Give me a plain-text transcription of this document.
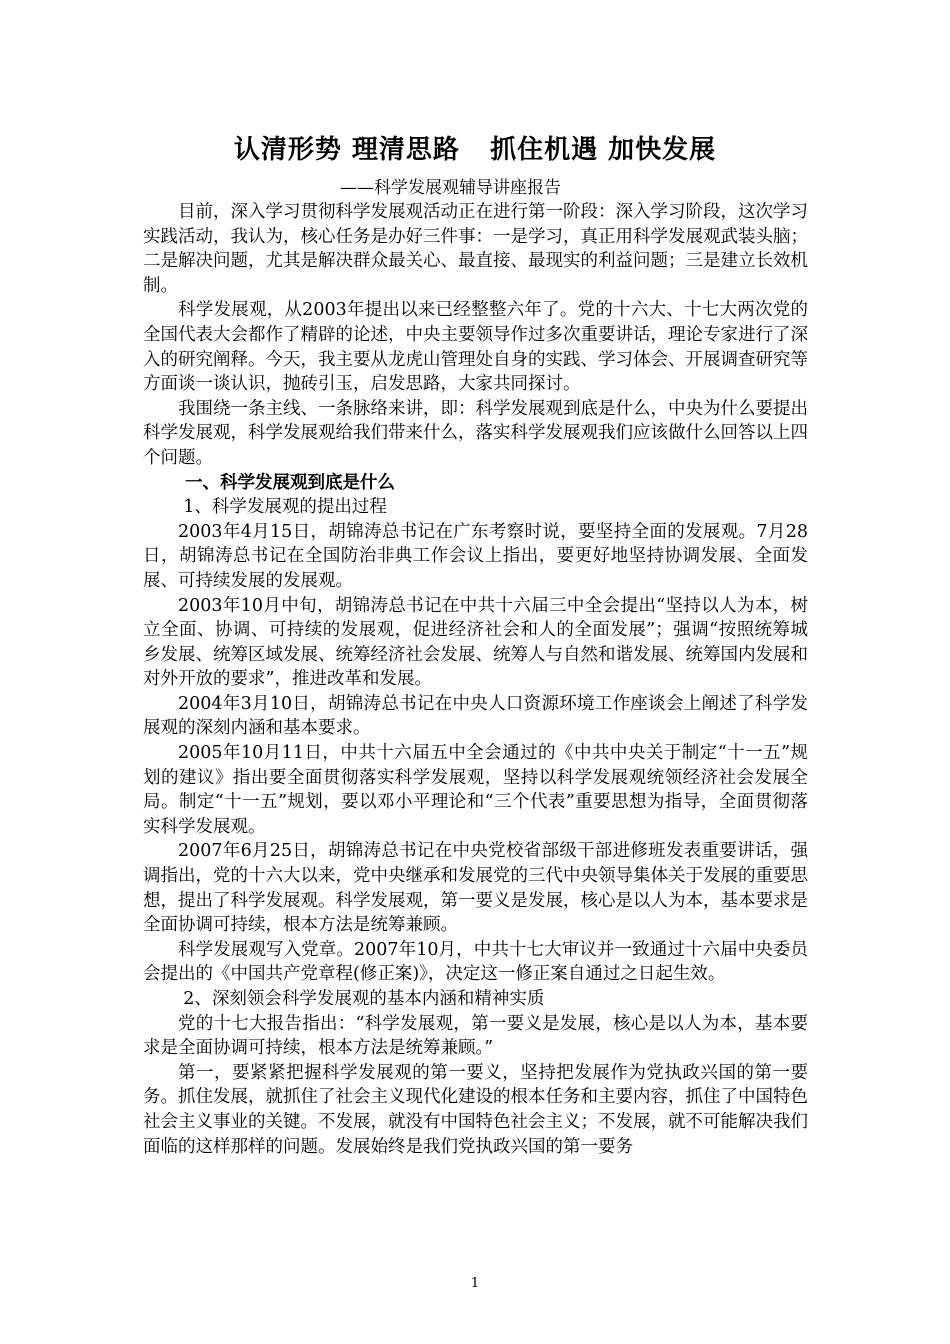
认清形势 理清思路   抓住机遇 加快发展
——科学发展观辅导讲座报告

目前，深入学习贯彻科学发展观活动正在进行第一阶段：深入学习阶段，这次学习实践活动，我认为，核心任务是办好三件事：一是学习，真正用科学发展观武装头脑；二是解决问题，尤其是解决群众最关心、最直接、最现实的利益问题；三是建立长效机制。

科学发展观，从2003年提出以来已经整整六年了。党的十六大、十七大两次党的全国代表大会都作了精辟的论述，中央主要领导作过多次重要讲话，理论专家进行了深入的研究阐释。今天，我主要从龙虎山管理处自身的实践、学习体会、开展调查研究等方面谈一谈认识，抛砖引玉，启发思路，大家共同探讨。

我围绕一条主线、一条脉络来讲，即：科学发展观到底是什么，中央为什么要提出科学发展观，科学发展观给我们带来什么，落实科学发展观我们应该做什么回答以上四个问题。

一、科学发展观到底是什么

1、科学发展观的提出过程

2003年4月15日，胡锦涛总书记在广东考察时说，要坚持全面的发展观。7月28日，胡锦涛总书记在全国防治非典工作会议上指出，要更好地坚持协调发展、全面发展、可持续发展的发展观。

2003年10月中旬，胡锦涛总书记在中共十六届三中全会提出“坚持以人为本，树立全面、协调、可持续的发展观，促进经济社会和人的全面发展”；强调“按照统筹城乡发展、统筹区域发展、统筹经济社会发展、统筹人与自然和谐发展、统筹国内发展和对外开放的要求”，推进改革和发展。

2004年3月10日，胡锦涛总书记在中央人口资源环境工作座谈会上阐述了科学发展观的深刻内涵和基本要求。

2005年10月11日，中共十六届五中全会通过的《中共中央关于制定“十一五”规划的建议》指出要全面贯彻落实科学发展观，坚持以科学发展观统领经济社会发展全局。制定“十一五”规划，要以邓小平理论和“三个代表”重要思想为指导，全面贯彻落实科学发展观。

2007年6月25日，胡锦涛总书记在中央党校省部级干部进修班发表重要讲话，强调指出，党的十六大以来，党中央继承和发展党的三代中央领导集体关于发展的重要思想，提出了科学发展观。科学发展观，第一要义是发展，核心是以人为本，基本要求是全面协调可持续，根本方法是统筹兼顾。

科学发展观写入党章。2007年10月，中共十七大审议并一致通过十六届中央委员会提出的《中国共产党章程(修正案)》，决定这一修正案自通过之日起生效。

2、深刻领会科学发展观的基本内涵和精神实质

党的十七大报告指出：“科学发展观，第一要义是发展，核心是以人为本，基本要求是全面协调可持续，根本方法是统筹兼顾。”

第一，要紧紧把握科学发展观的第一要义，坚持把发展作为党执政兴国的第一要务。抓住发展，就抓住了社会主义现代化建设的根本任务和主要内容，抓住了中国特色社会主义事业的关键。不发展，就没有中国特色社会主义；不发展，就不可能解决我们面临的这样那样的问题。发展始终是我们党执政兴国的第一要务

1
